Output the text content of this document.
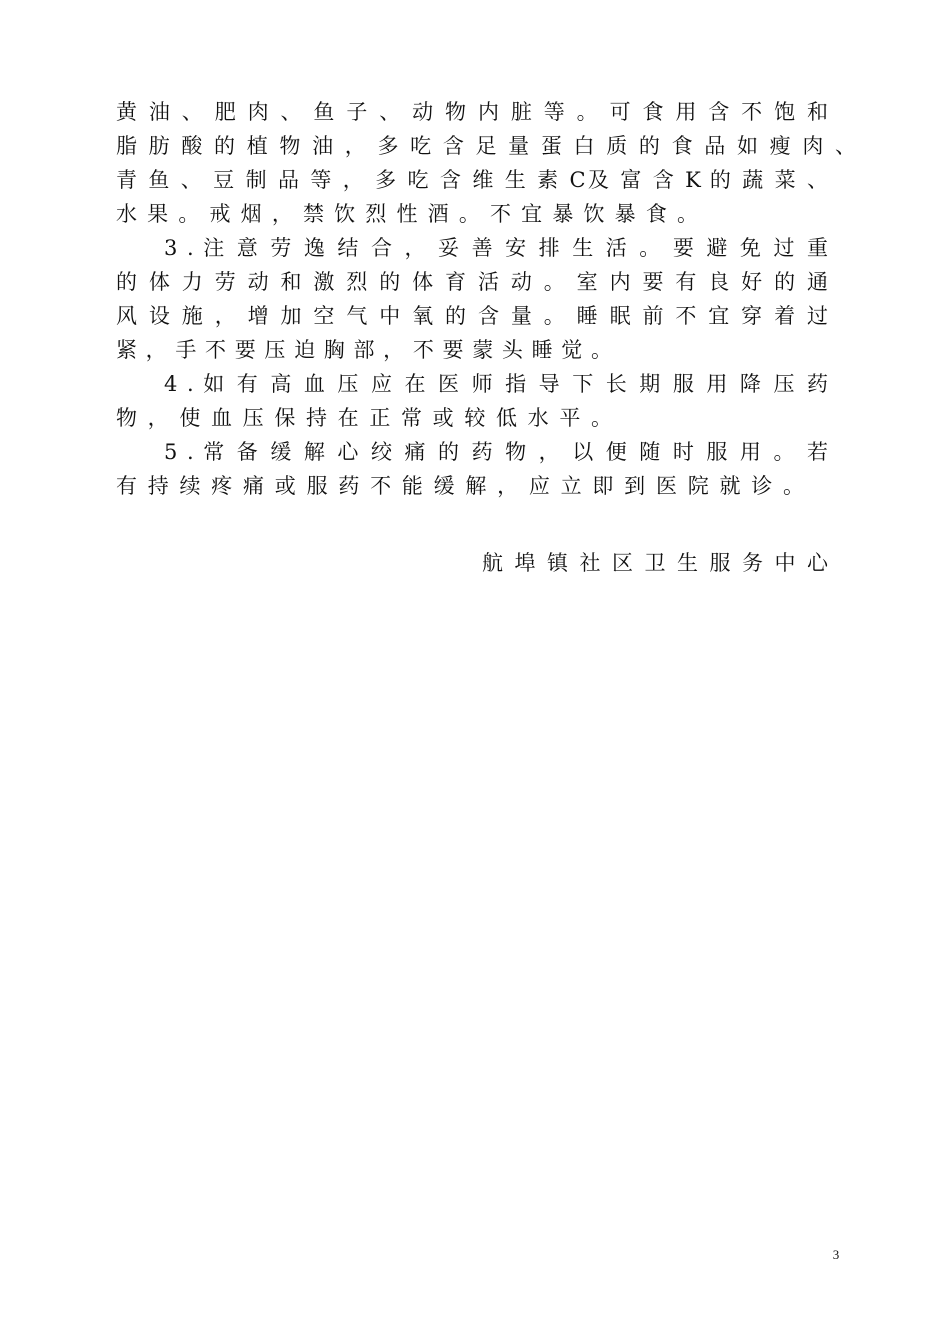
黄 油 、 肥 肉 、 鱼 子 、 动 物 内 脏 等 。 可 食 用 含 不 饱 和
脂 肪 酸 的 植 物 油 ， 多 吃 含 足 量 蛋 白 质 的 食 品 如 瘦 肉 、
青 鱼 、 豆 制 品 等 ， 多 吃 含 维 生 素 C及 富 含 K 的 蔬 菜 、
水 果 。 戒 烟 ， 禁 饮 烈 性 酒 。 不 宜 暴 饮 暴 食 。
3 . 注 意 劳 逸 结 合 ， 妥 善 安 排 生 活 。 要 避 免 过 重
的 体 力 劳 动 和 激 烈 的 体 育 活 动 。 室 内 要 有 良 好 的 通
风 设 施 ， 增 加 空 气 中 氧 的 含 量 。 睡 眠 前 不 宜 穿 着 过
紧 ， 手 不 要 压 迫 胸 部 ， 不 要 蒙 头 睡 觉 。
4 . 如 有 高 血 压 应 在 医 师 指 导 下 长 期 服 用 降 压 药
物 ， 使 血 压 保 持 在 正 常 或 较 低 水 平 。
5 . 常 备 缓 解 心 绞 痛 的 药 物 ， 以 便 随 时 服 用 。 若
有 持 续 疼 痛 或 服 药 不 能 缓 解 ， 应 立 即 到 医 院 就 诊 。
航 埠 镇 社 区 卫 生 服 务 中 心
3
